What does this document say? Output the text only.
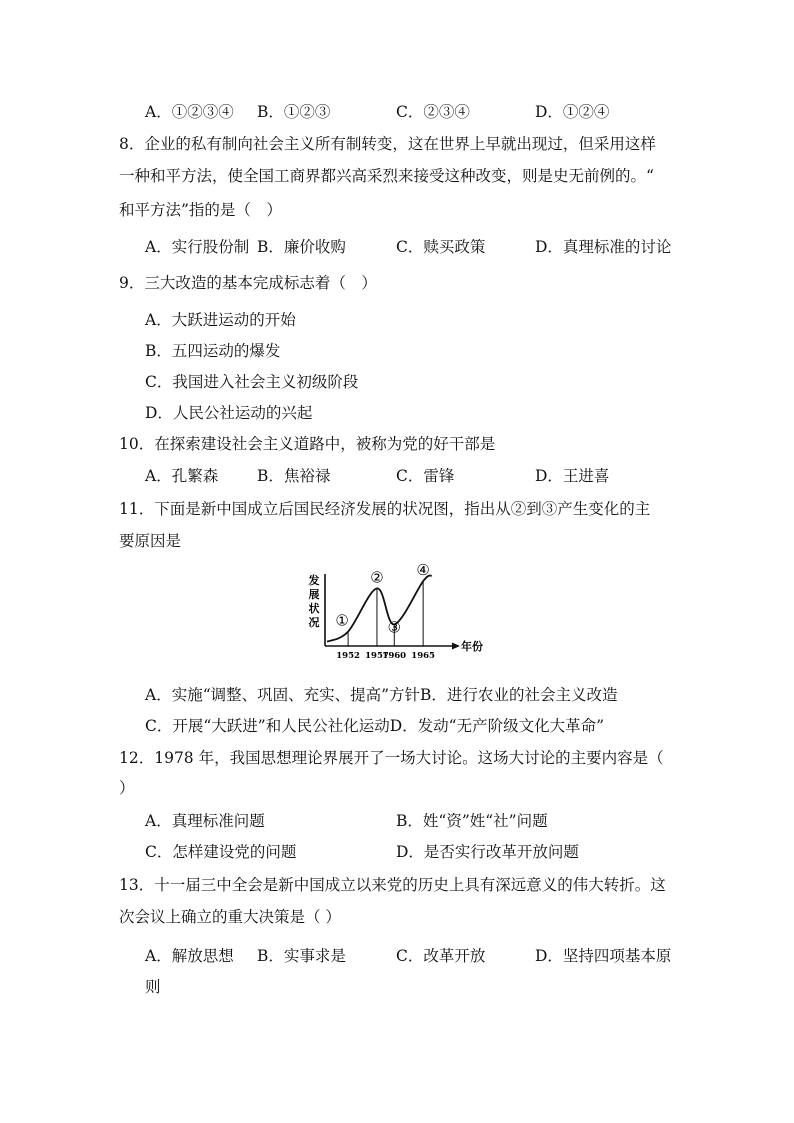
A．①②③④ B．①②③	C．②③④	D．①②④
8．企业的私有制向社会主义所有制转变，这在世界上早就出现过，但采用这样
一种和平方法，使全国工商界都兴高采烈来接受这种改变，则是史无前例的。“
和平方法”指的是（　）
A．实行股份制 B．廉价收购	C．赎买政策	D．真理标准的讨论
9．三大改造的基本完成标志着（　）
A．大跃进运动的开始
B．五四运动的爆发
C．我国进入社会主义初级阶段
D．人民公社运动的兴起
10．在探索建设社会主义道路中，被称为党的好干部是
A．孔繁森	B．焦裕禄	C．雷锋	D．王进喜
11．下面是新中国成立后国民经济发展的状况图，指出从②到③产生变化的主
要原因是
发
展
状
况
年份
1952
①
1957
②
1960
③
1965
④
A．实施“调整、巩固、充实、提高”方针B．进行农业的社会主义改造
C．开展“大跃进”和人民公社化运动D．发动“无产阶级文化大革命”
12．1978 年，我国思想理论界展开了一场大讨论。这场大讨论的主要内容是（
）
A．真理标准问题	B．姓“资”姓“社”问题
C．怎样建设党的问题	D．是否实行改革开放问题
13．十一届三中全会是新中国成立以来党的历史上具有深远意义的伟大转折。这
次会议上确立的重大决策是（ ）
A．解放思想 B．实事求是	C．改革开放	D．坚持四项基本原
则
